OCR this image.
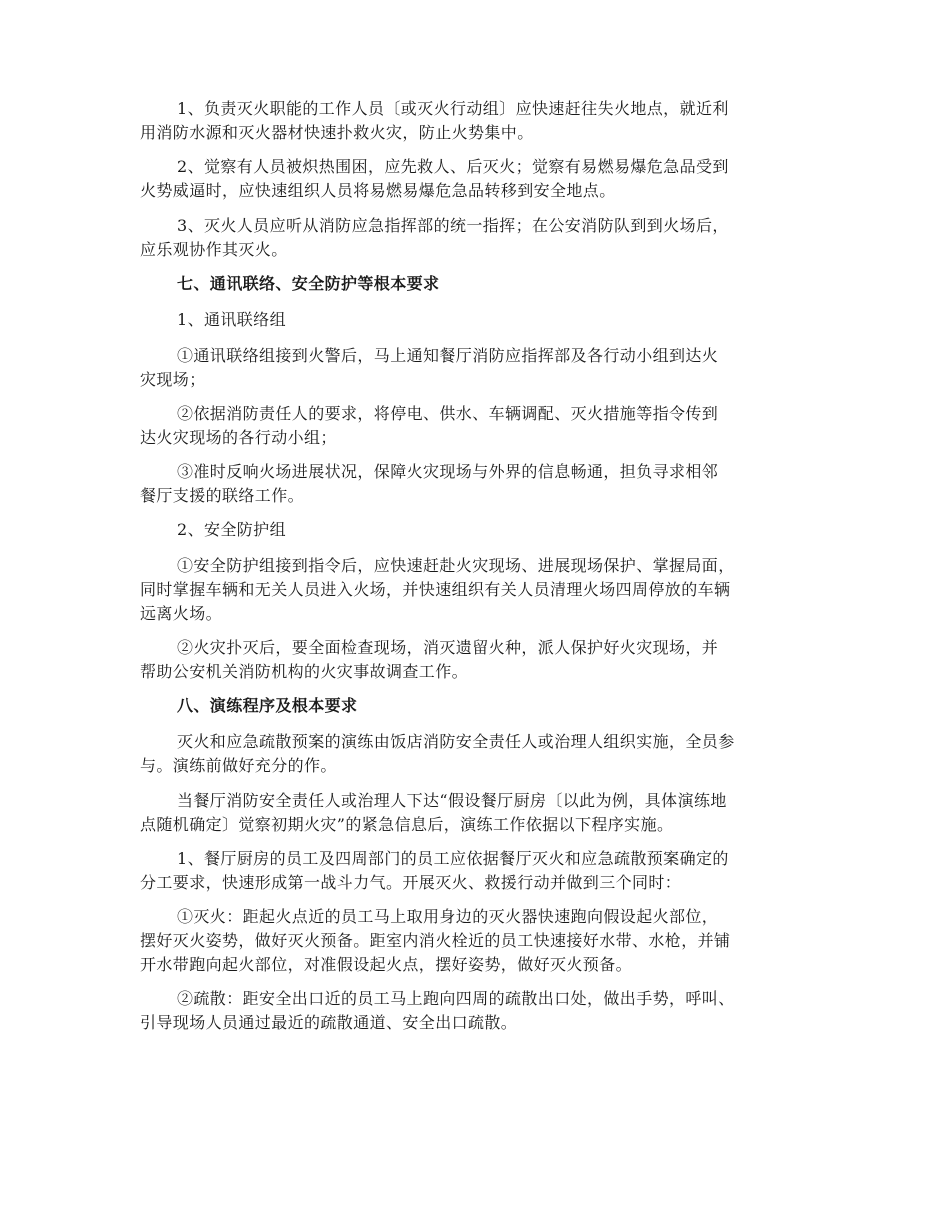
1、负责灭火职能的工作人员〔或灭火行动组〕应快速赶往失火地点，就近利
用消防水源和灭火器材快速扑救火灾，防止火势集中。

2、觉察有人员被炽热围困，应先救人、后灭火；觉察有易燃易爆危急品受到
火势威逼时，应快速组织人员将易燃易爆危急品转移到安全地点。

3、灭火人员应听从消防应急指挥部的统一指挥；在公安消防队到到火场后，
应乐观协作其灭火。

七、通讯联络、安全防护等根本要求

1、通讯联络组

①通讯联络组接到火警后，马上通知餐厅消防应指挥部及各行动小组到达火
灾现场；

②依据消防责任人的要求，将停电、供水、车辆调配、灭火措施等指令传到
达火灾现场的各行动小组；

③准时反响火场进展状况，保障火灾现场与外界的信息畅通，担负寻求相邻
餐厅支援的联络工作。

2、安全防护组

①安全防护组接到指令后，应快速赶赴火灾现场、进展现场保护、掌握局面，
同时掌握车辆和无关人员进入火场，并快速组织有关人员清理火场四周停放的车辆
远离火场。

②火灾扑灭后，要全面检查现场，消灭遗留火种，派人保护好火灾现场，并
帮助公安机关消防机构的火灾事故调查工作。

八、演练程序及根本要求

灭火和应急疏散预案的演练由饭店消防安全责任人或治理人组织实施，全员参
与。演练前做好充分的作。

当餐厅消防安全责任人或治理人下达“假设餐厅厨房〔以此为例，具体演练地
点随机确定〕觉察初期火灾”的紧急信息后，演练工作依据以下程序实施。

1、餐厅厨房的员工及四周部门的员工应依据餐厅灭火和应急疏散预案确定的
分工要求，快速形成第一战斗力气。开展灭火、救援行动并做到三个同时：

①灭火：距起火点近的员工马上取用身边的灭火器快速跑向假设起火部位，
摆好灭火姿势，做好灭火预备。距室内消火栓近的员工快速接好水带、水枪，并铺
开水带跑向起火部位，对准假设起火点，摆好姿势，做好灭火预备。

②疏散：距安全出口近的员工马上跑向四周的疏散出口处，做出手势，呼叫、
引导现场人员通过最近的疏散通道、安全出口疏散。
